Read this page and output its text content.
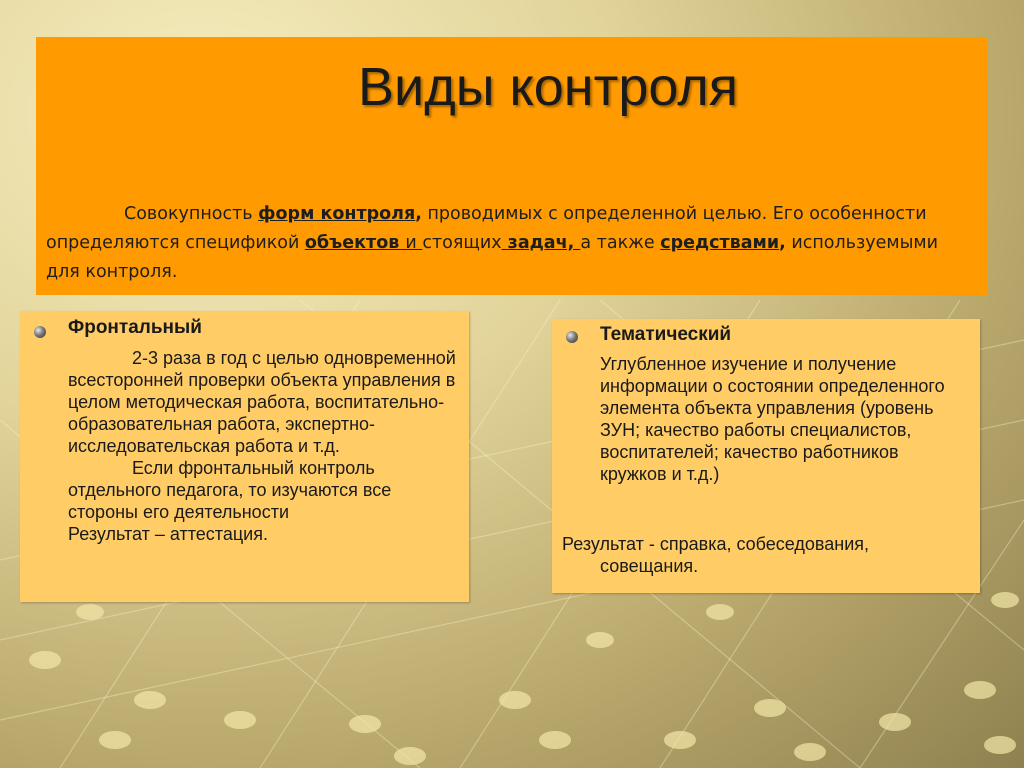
Виды контроля
Совокупность форм контроля, проводимых с определенной целью. Его особенности определяются спецификой объектов и стоящих задач, а также средствами, используемыми для контроля.
Фронтальный

2-3 раза в год с целью одновременной всесторонней проверки объекта управления в целом методическая работа, воспитательно-образовательная работа, экспертно-исследовательская работа и т.д.

Если фронтальный контроль отдельного педагога, то изучаются все стороны его деятельности

Результат – аттестация.

Тематический
Углубленное изучение и получение информации о состоянии определенного элемента объекта управления (уровень ЗУН; качество работы специалистов, воспитателей; качество работников кружков и т.д.)
Результат - справка, собеседования,
совещания.
